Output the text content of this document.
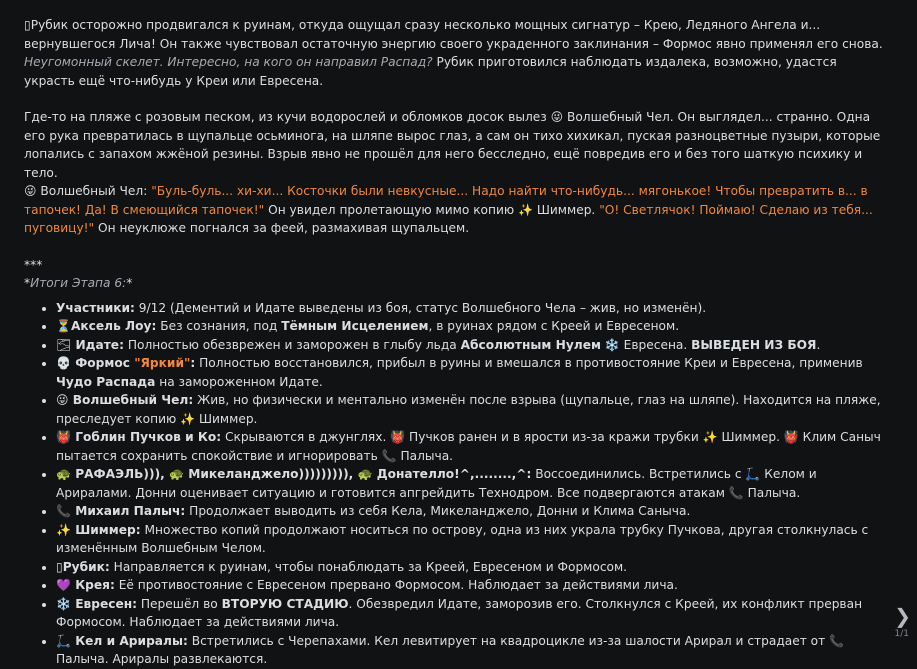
▯Рубик осторожно продвигался к руинам, откуда ощущал сразу несколько мощных сигнатур – Крею, Ледяного Ангела и... вернувшегося Лича! Он также чувствовал остаточную энергию своего украденного заклинания – Формос явно применял его снова. Неугомонный скелет. Интересно, на кого он направил Распад? Рубик приготовился наблюдать издалека, возможно, удастся украсть ещё что-нибудь у Креи или Евресена.

Где-то на пляже с розовым песком, из кучи водорослей и обломков досок вылез 😜 Волшебный Чел. Он выглядел... странно. Одна его рука превратилась в щупальце осьминога, на шляпе вырос глаз, а сам он тихо хихикал, пуская разноцветные пузыри, которые лопались с запахом жжёной резины. Взрыв явно не прошёл для него бесследно, ещё повредив его и без того шаткую психику и тело.

😜 Волшебный Чел: "Буль-буль... хи-хи... Косточки были невкусные... Надо найти что-нибудь... мягонькое! Чтобы превратить в... в тапочек! Да! В смеющийся тапочек!" Он увидел пролетающую мимо копию ✨ Шиммер. "О! Светлячок! Поймаю! Сделаю из тебя... пуговицу!" Он неуклюже погнался за феей, размахивая щупальцем.

***

*Итоги Этапа 6:*

• Участники: 9/12 (Дементий и Идате выведены из боя, статус Волшебного Чела – жив, но изменён).
• ⏳Аксель Лоу: Без сознания, под Тёмным Исцелением, в руинах рядом с Креей и Евресеном.
• 🌫 Идате: Полностью обезврежен и заморожен в глыбу льда Абсолютным Нулем ❄️ Евресена. ВЫВЕДЕН ИЗ БОЯ.
• 💀 Формос "Яркий": Полностью восстановился, прибыл в руины и вмешался в противостояние Креи и Евресена, применив Чудо Распада на замороженном Идате.
• 😜 Волшебный Чел: Жив, но физически и ментально изменён после взрыва (щупальце, глаз на шляпе). Находится на пляже, преследует копию ✨ Шиммер.
• 👹 Гоблин Пучков и Ко: Скрываются в джунглях. 👹 Пучков ранен и в ярости из-за кражи трубки ✨ Шиммер. 👹 Клим Саныч пытается сохранить спокойствие и игнорировать 📞 Палыча.
• 🐢 РАФАЭЛЬ))), 🐢 Микеланджело))))))))), 🐢 Донателло!^,........,^: Воссоединились. Встретились с 🛴 Келом и Арирaлами. Донни оценивает ситуацию и готовится апгрейдить Технодром. Все подвергаются атакам 📞 Палыча.
• 📞 Михаил Палыч: Продолжает выводить из себя Кела, Микеланджело, Донни и Клима Саныча.
• ✨ Шиммер: Множество копий продолжают носиться по острову, одна из них украла трубку Пучкова, другая столкнулась с изменённым Волшебным Челом.
• ▯Рубик: Направляется к руинам, чтобы понаблюдать за Креей, Евресеном и Формосом.
• 💜 Крея: Её противостояние с Евресеном прервано Формосом. Наблюдает за действиями лича.
• ❄️ Евресен: Перешёл во ВТОРУЮ СТАДИЮ. Обезвредил Идате, заморозив его. Столкнулся с Креей, их конфликт прерван Формосом. Наблюдает за действиями лича.
• 🛴 Кел и Арирaлы: Встретились с Черепахами. Кел левитирует на квадроцикле из-за шалости Арирал и страдает от 📞 Палыча. Арирaлы развлекаются.
❯
1/1
